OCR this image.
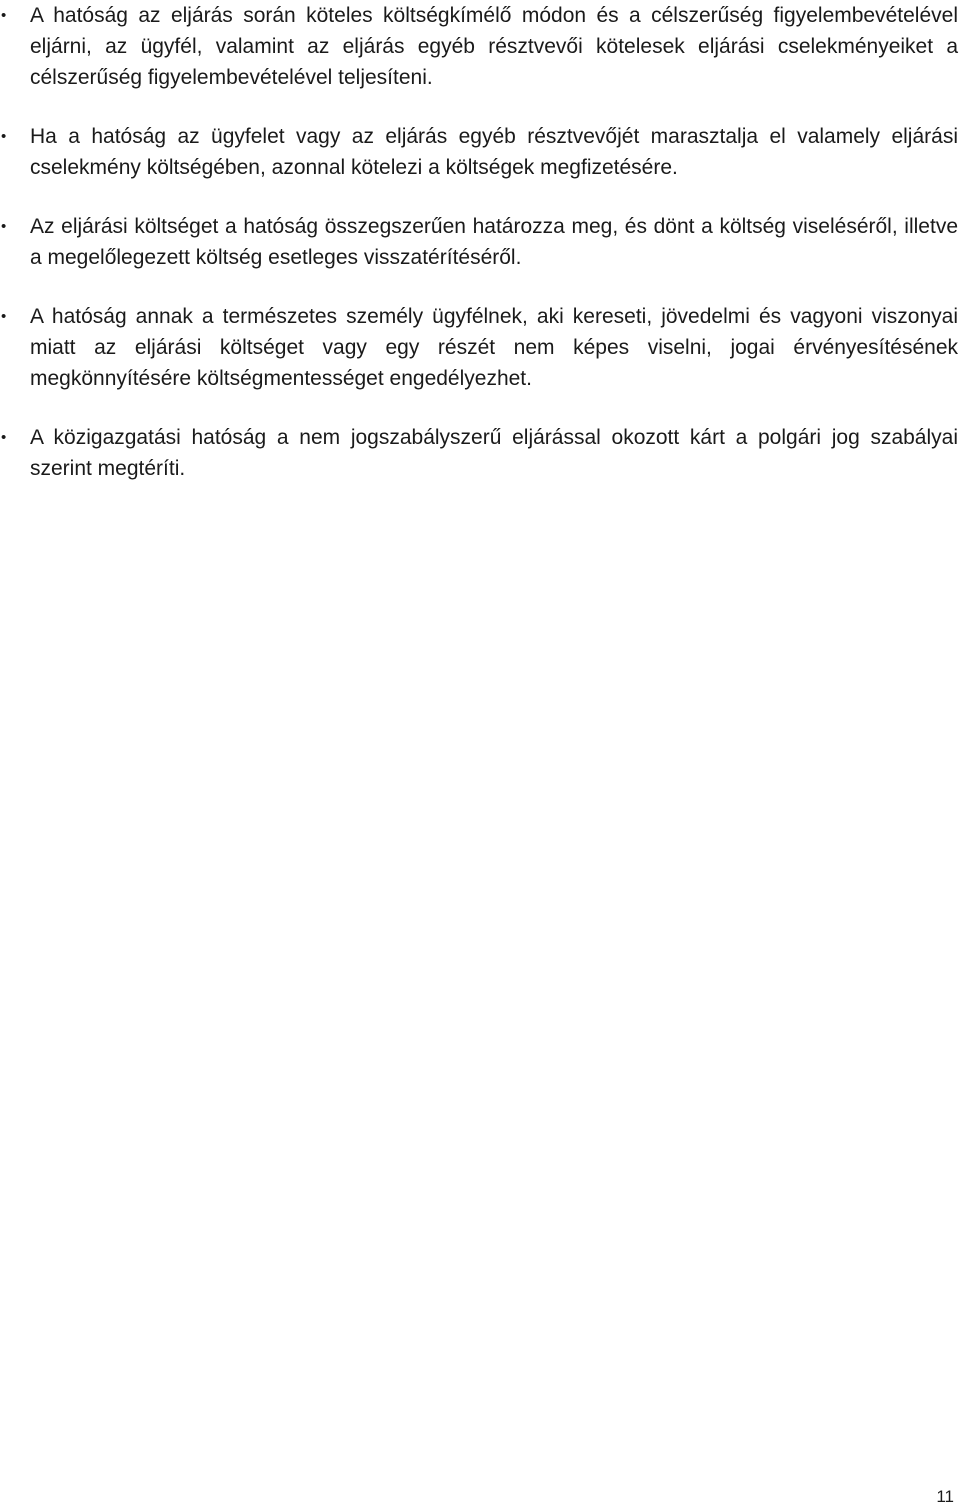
• A hatóság az eljárás során köteles költségkímélő módon és a célszerűség figyelembevételével eljárni, az ügyfél, valamint az eljárás egyéb résztvevői kötelesek eljárási cselekményeiket a célszerűség figyelembevételével teljesíteni.
• Ha a hatóság az ügyfelet vagy az eljárás egyéb résztvevőjét marasztalja el valamely eljárási cselekmény költségében, azonnal kötelezi a költségek megfizetésére.
• Az eljárási költséget a hatóság összegszerűen határozza meg, és dönt a költség viseléséről, illetve a megelőlegezett költség esetleges visszatérítéséről.
• A hatóság annak a természetes személy ügyfélnek, aki kereseti, jövedelmi és vagyoni viszonyai miatt az eljárási költséget vagy egy részét nem képes viselni, jogai érvényesítésének megkönnyítésére költségmentességet engedélyezhet.
• A közigazgatási hatóság a nem jogszabályszerű eljárással okozott kárt a polgári jog szabályai szerint megtéríti.
11
